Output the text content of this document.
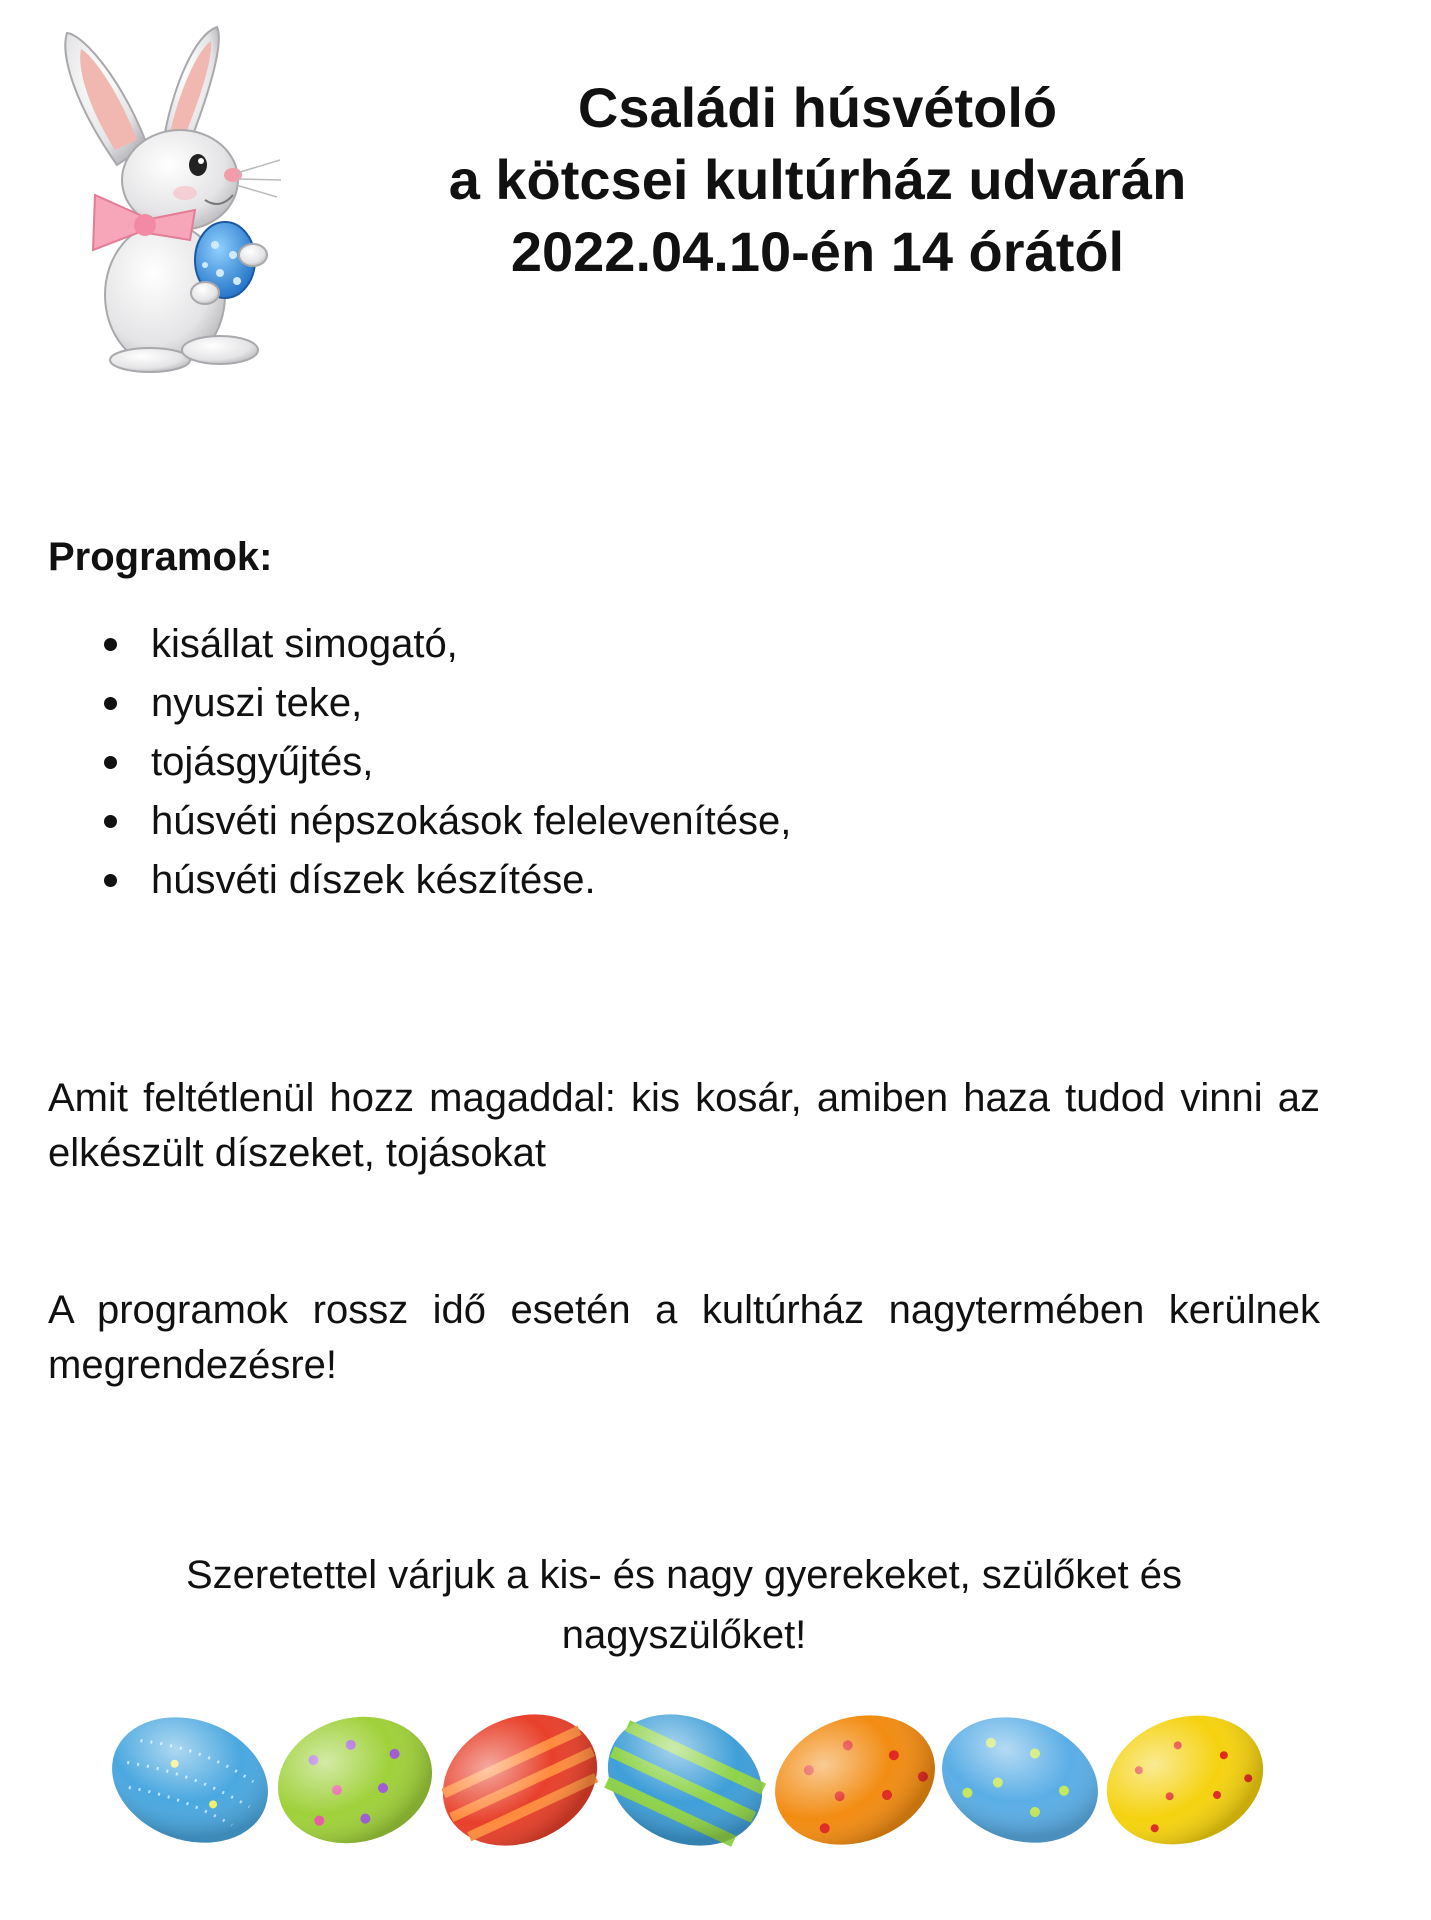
Családi húsvétoló
a kötcsei kultúrház udvarán
2022.04.10-én 14 órától
Programok:
kisállat simogató,
nyuszi teke,
tojásgyűjtés,
húsvéti népszokások felelevenítése,
húsvéti díszek készítése.

Amit feltétlenül hozz magaddal: kis kosár, amiben haza tudod vinni az elkészült díszeket, tojásokat

A programok rossz idő esetén a kultúrház nagytermében kerülnek megrendezésre!

Szeretettel várjuk a kis- és nagy gyerekeket, szülőket és
nagyszülőket!
